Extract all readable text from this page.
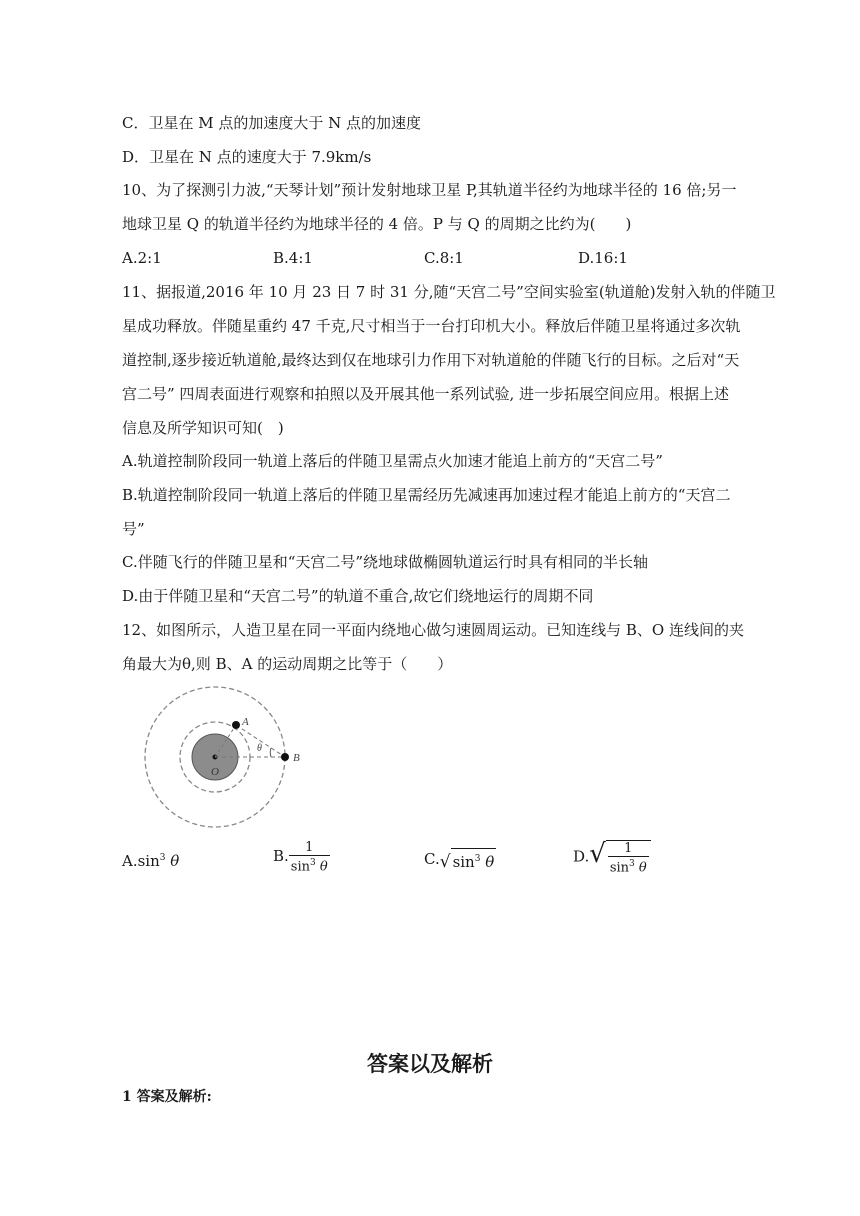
C．卫星在 M 点的加速度大于 N 点的加速度
D．卫星在 N 点的速度大于 7.9km/s
10、为了探测引力波,“天琴计划”预计发射地球卫星 P,其轨道半径约为地球半径的 16 倍;另一
地球卫星 Q 的轨道半径约为地球半径的 4 倍。P 与 Q 的周期之比约为(　　)
A.2:1	B.4:1	C.8:1	D.16:1
11、据报道,2016 年 10 月 23 日 7 时 31 分,随“天宫二号”空间实验室(轨道舱)发射入轨的伴随卫
星成功释放。伴随星重约 47 千克,尺寸相当于一台打印机大小。释放后伴随卫星将通过多次轨
道控制,逐步接近轨道舱,最终达到仅在地球引力作用下对轨道舱的伴随飞行的目标。之后对“天
宫二号” 四周表面进行观察和拍照以及开展其他一系列试验, 进一步拓展空间应用。根据上述
信息及所学知识可知(　)
A.轨道控制阶段同一轨道上落后的伴随卫星需点火加速才能追上前方的“天宫二号”
B.轨道控制阶段同一轨道上落后的伴随卫星需经历先减速再加速过程才能追上前方的“天宫二
号”
C.伴随飞行的伴随卫星和“天宫二号”绕地球做椭圆轨道运行时具有相同的半长轴
D.由于伴随卫星和“天宫二号”的轨道不重合,故它们绕地运行的周期不同
12、如图所示，人造卫星在同一平面内绕地心做匀速圆周运动。已知连线与 B、O 连线间的夹
角最大为θ,则 B、A 的运动周期之比等于（　　）
A
B
O
θ
$A.\sin^3$ θ	B. $\frac{1}{\sin^3 \theta}$	C.√ $\sin^3 \theta$	$D.√ \frac{1}{\sin^3 \theta}$
答案以及解析
1 答案及解析:
